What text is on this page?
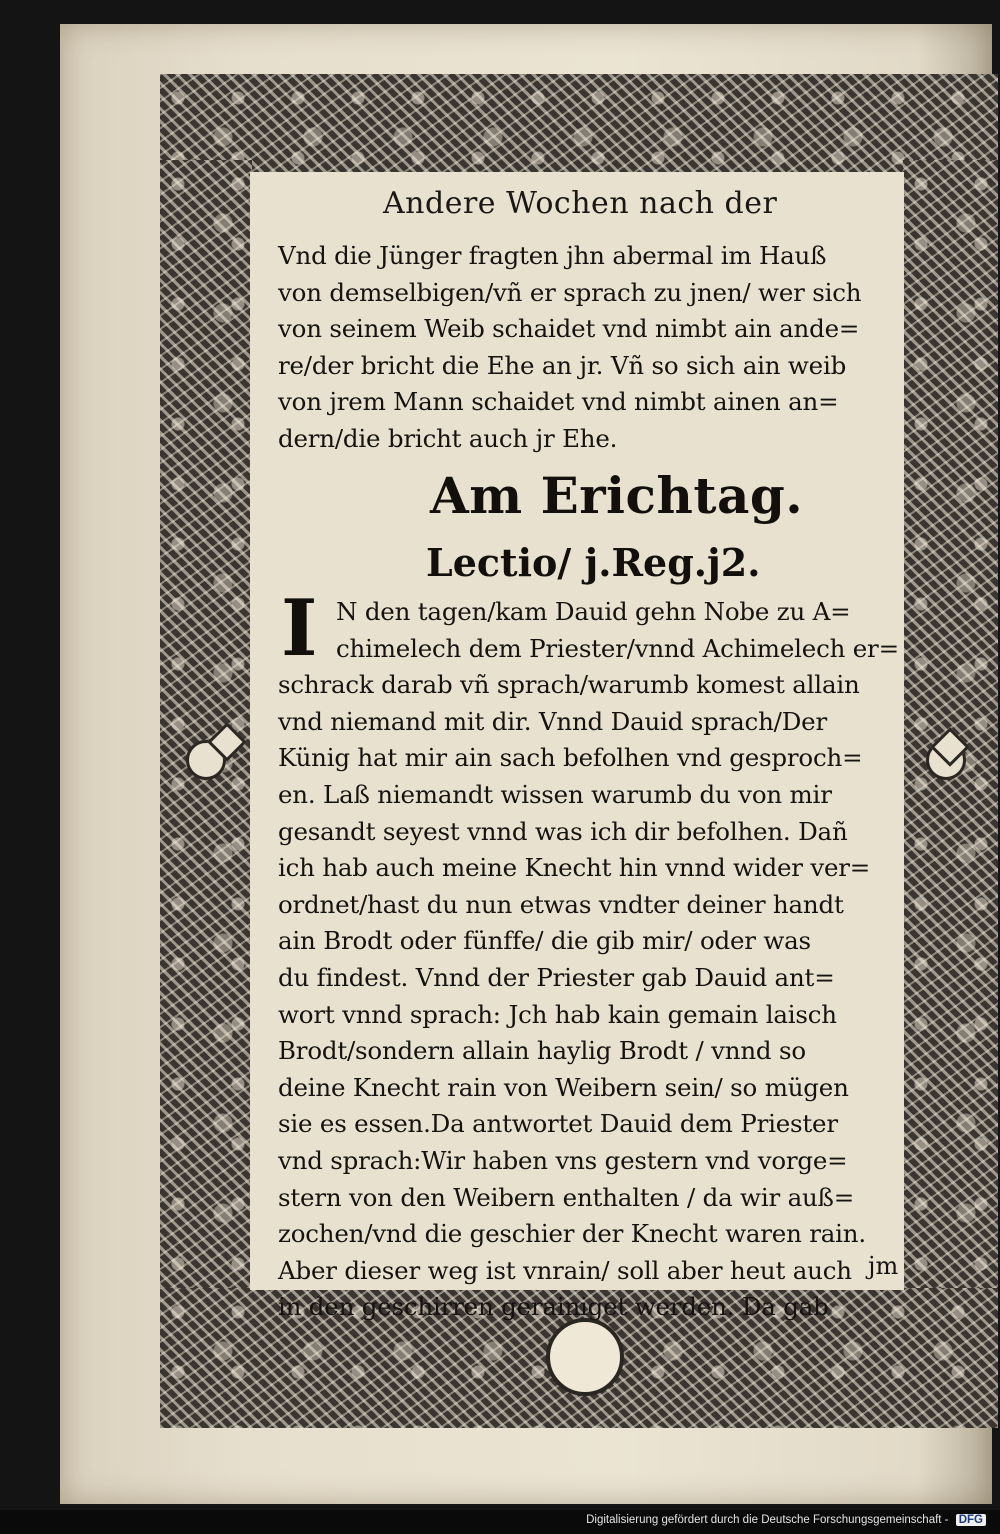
Andere Wochen nach der
Vnd die Jünger fragten jhn abermal im Hauß
von demselbigen/vñ er sprach zu jnen/ wer sich
von seinem Weib schaidet vnd nimbt ain ande=
re/der bricht die Ehe an jr. Vñ so sich ain weib
von jrem Mann schaidet vnd nimbt ainen an=
dern/die bricht auch jr Ehe.
Am Erichtag.
Lectio/ j.Reg.j2.
I N den tagen/kam Dauid gehn Nobe zu A=
chimelech dem Priester/vnnd Achimelech er=
schrack darab vñ sprach/warumb komest allain
vnd niemand mit dir. Vnnd Dauid sprach/Der
Künig hat mir ain sach befolhen vnd gesproch=
en. Laß niemandt wissen warumb du von mir
gesandt seyest vnnd was ich dir befolhen. Dañ
ich hab auch meine Knecht hin vnnd wider ver=
ordnet/hast du nun etwas vndter deiner handt
ain Brodt oder fünffe/ die gib mir/ oder was
du findest. Vnnd der Priester gab Dauid ant=
wort vnnd sprach: Jch hab kain gemain laisch
Brodt/sondern allain haylig Brodt / vnnd so
deine Knecht rain von Weibern sein/ so mügen
sie es essen.Da antwortet Dauid dem Priester
vnd sprach:Wir haben vns gestern vnd vorge=
stern von den Weibern enthalten / da wir auß=
zochen/vnd die geschier der Knecht waren rain.
Aber dieser weg ist vnrain/ soll aber heut auch
in den geschirren gerainiget werden. Da gab
jm
Digitalisierung gefördert durch die Deutsche Forschungsgemeinschaft - DFG
